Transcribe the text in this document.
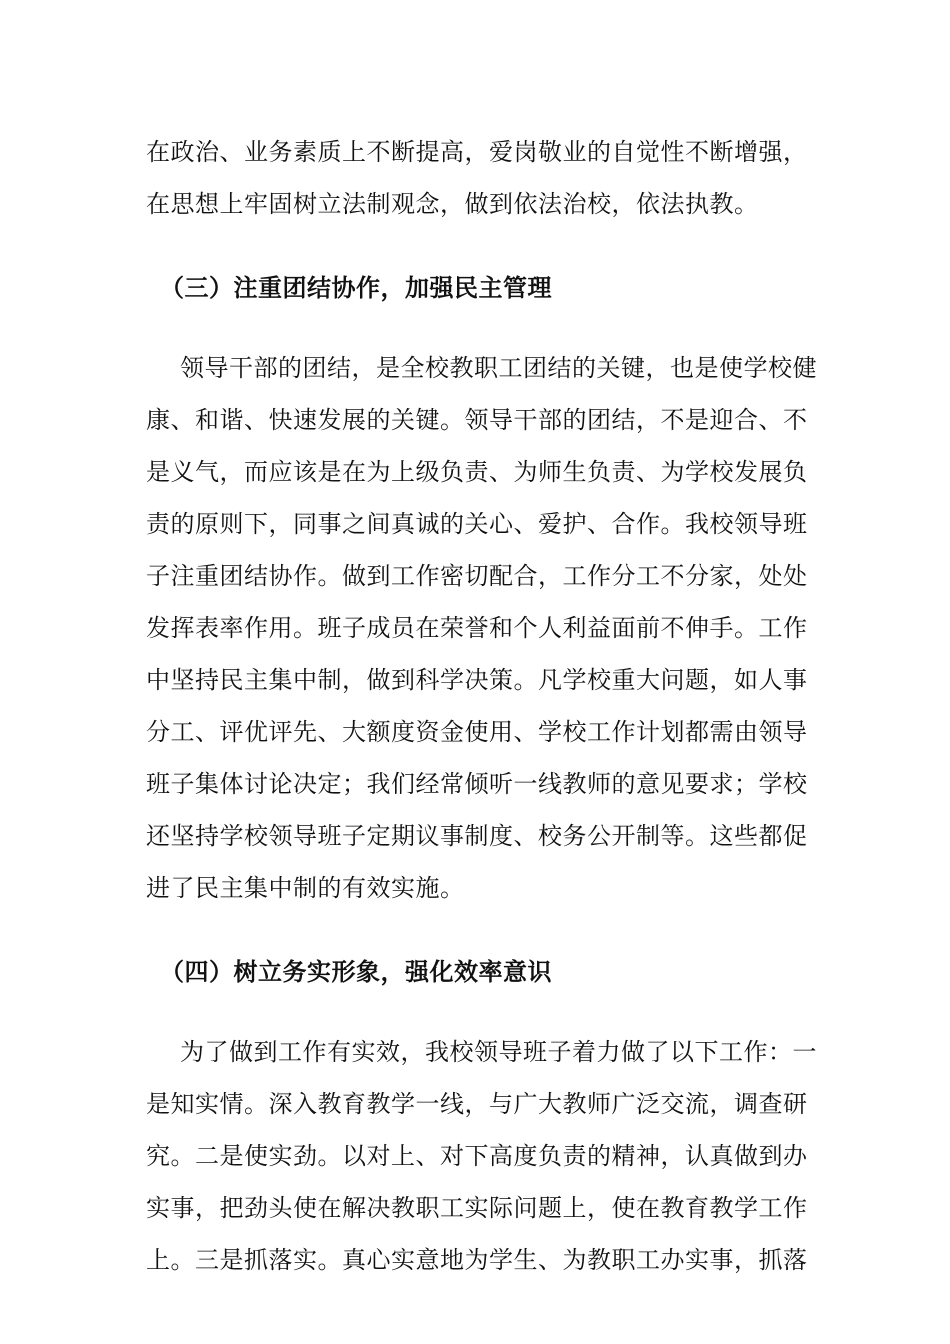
在政治、业务素质上不断提高，爱岗敬业的自觉性不断增强，
在思想上牢固树立法制观念，做到依法治校，依法执教。
（三）注重团结协作，加强民主管理
领导干部的团结，是全校教职工团结的关键，也是使学校健
康、和谐、快速发展的关键。领导干部的团结，不是迎合、不
是义气，而应该是在为上级负责、为师生负责、为学校发展负
责的原则下，同事之间真诚的关心、爱护、合作。我校领导班
子注重团结协作。做到工作密切配合，工作分工不分家，处处
发挥表率作用。班子成员在荣誉和个人利益面前不伸手。工作
中坚持民主集中制，做到科学决策。凡学校重大问题，如人事
分工、评优评先、大额度资金使用、学校工作计划都需由领导
班子集体讨论决定；我们经常倾听一线教师的意见要求；学校
还坚持学校领导班子定期议事制度、校务公开制等。这些都促
进了民主集中制的有效实施。
（四）树立务实形象，强化效率意识
为了做到工作有实效，我校领导班子着力做了以下工作：一
是知实情。深入教育教学一线，与广大教师广泛交流，调查研
究。二是使实劲。以对上、对下高度负责的精神，认真做到办
实事，把劲头使在解决教职工实际问题上，使在教育教学工作
上。三是抓落实。真心实意地为学生、为教职工办实事，抓落
